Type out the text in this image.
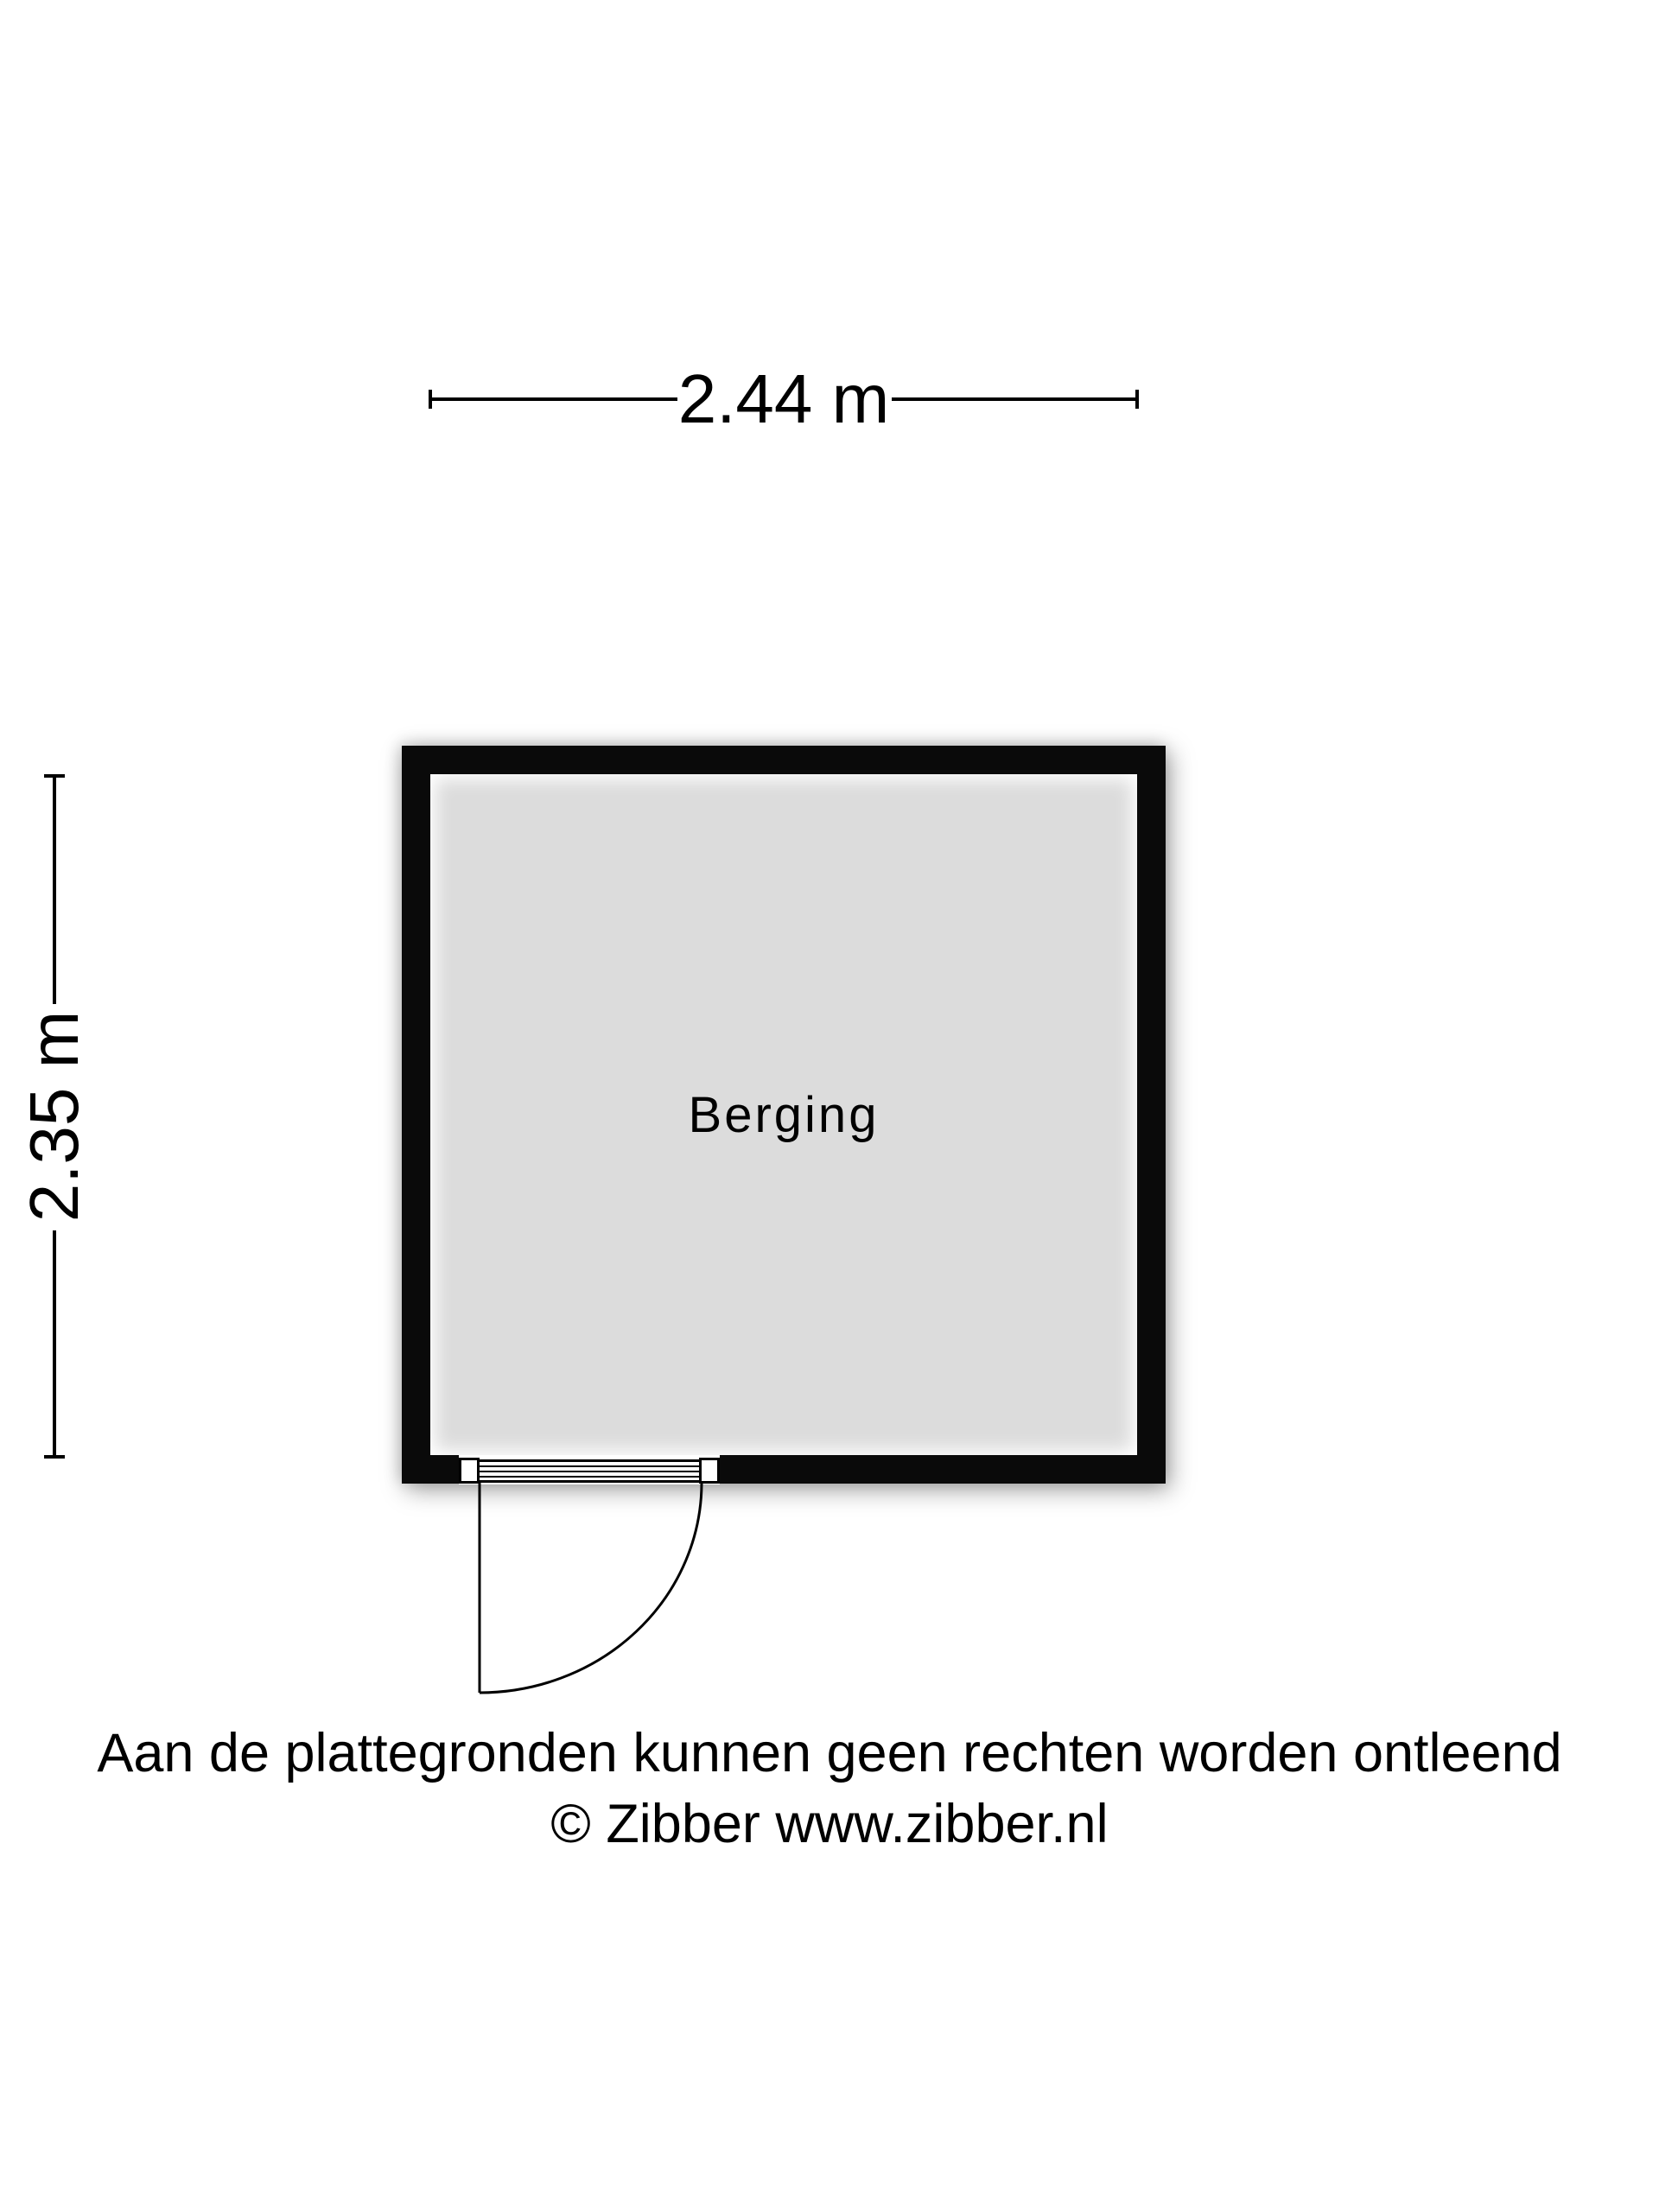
2.44 m
2.35 m	Berging
Aan de plattegronden kunnen geen rechten worden ontleend
© Zibber www.zibber.nl
